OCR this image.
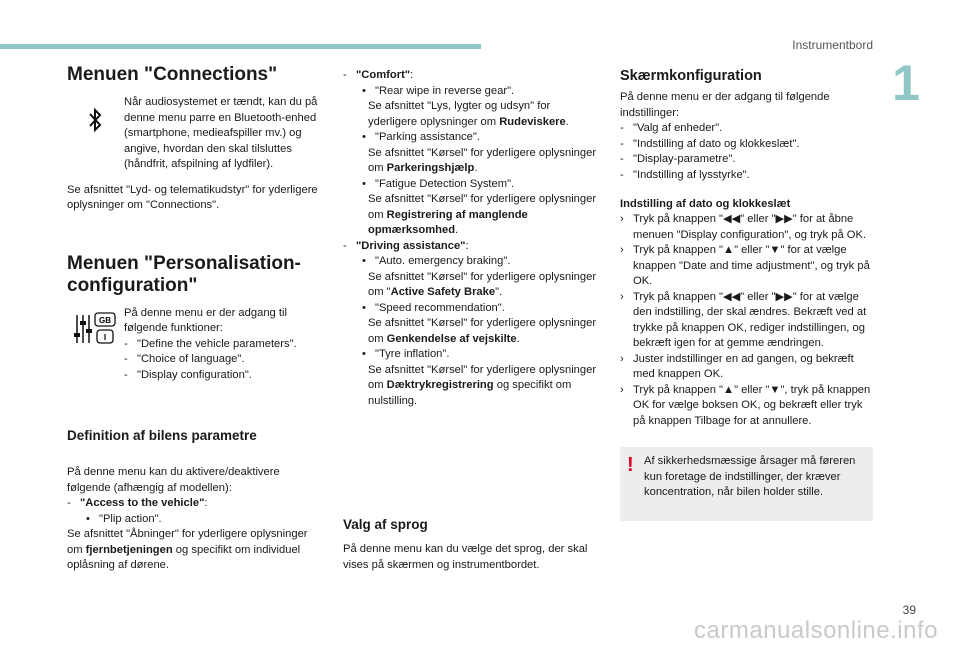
Instrumentbord
1
39
carmanualsonline.info
Menuen "Connections"

Når audiosystemet er tændt, kan du på denne menu parre en Bluetooth-enhed (smartphone, medieafspiller mv.) og angive, hvordan den skal tilsluttes (håndfrit, afspilning af lydfiler).

Se afsnittet "Lyd- og telematikudstyr" for yderligere oplysninger om "Connections".

Menuen "Personalisation-configuration"
GB
I

På denne menu er der adgang til følgende funktioner:

- "Define the vehicle parameters".
- "Choice of language".
- "Display configuration".
Definition af bilens parametre

På denne menu kan du aktivere/deaktivere følgende (afhængig af modellen):

- "Access to the vehicle":
• "Plip action".

Se afsnittet "Åbninger" for yderligere oplysninger om fjernbetjeningen og specifikt om individuel oplåsning af dørene.

- "Comfort":
• "Rear wipe in reverse gear".

Se afsnittet "Lys, lygter og udsyn" for yderligere oplysninger om Rudeviskere.

• "Parking assistance".

Se afsnittet "Kørsel" for yderligere oplysninger om Parkeringshjælp.

• "Fatigue Detection System".

Se afsnittet "Kørsel" for yderligere oplysninger om Registrering af manglende opmærksomhed.

- "Driving assistance":
• "Auto. emergency braking".

Se afsnittet "Kørsel" for yderligere oplysninger om "Active Safety Brake".

• "Speed recommendation".

Se afsnittet "Kørsel" for yderligere oplysninger om Genkendelse af vejskilte.

• "Tyre inflation".

Se afsnittet "Kørsel" for yderligere oplysninger om Dæktrykregistrering og specifikt om nulstilling.

Valg af sprog

På denne menu kan du vælge det sprog, der skal vises på skærmen og instrumentbordet.

Skærmkonfiguration

På denne menu er der adgang til følgende indstillinger:

- "Valg af enheder".
- "Indstilling af dato og klokkeslæt".
- "Display-parametre".
- "Indstilling af lysstyrke".
Indstilling af dato og klokkeslæt
› Tryk på knappen "◀◀" eller "▶▶" for at åbne menuen "Display configuration", og tryk på OK.
› Tryk på knappen "▲" eller "▼" for at vælge knappen "Date and time adjustment", og tryk på OK.
› Tryk på knappen "◀◀" eller "▶▶" for at vælge den indstilling, der skal ændres. Bekræft ved at trykke på knappen OK, rediger indstillingen, og bekræft igen for at gemme ændringen.
› Juster indstillinger en ad gangen, og bekræft med knappen OK.
› Tryk på knappen "▲" eller "▼", tryk på knappen OK for vælge boksen OK, og bekræft eller tryk på knappen Tilbage for at annullere.
! Af sikkerhedsmæssige årsager må føreren kun foretage de indstillinger, der kræver koncentration, når bilen holder stille.
